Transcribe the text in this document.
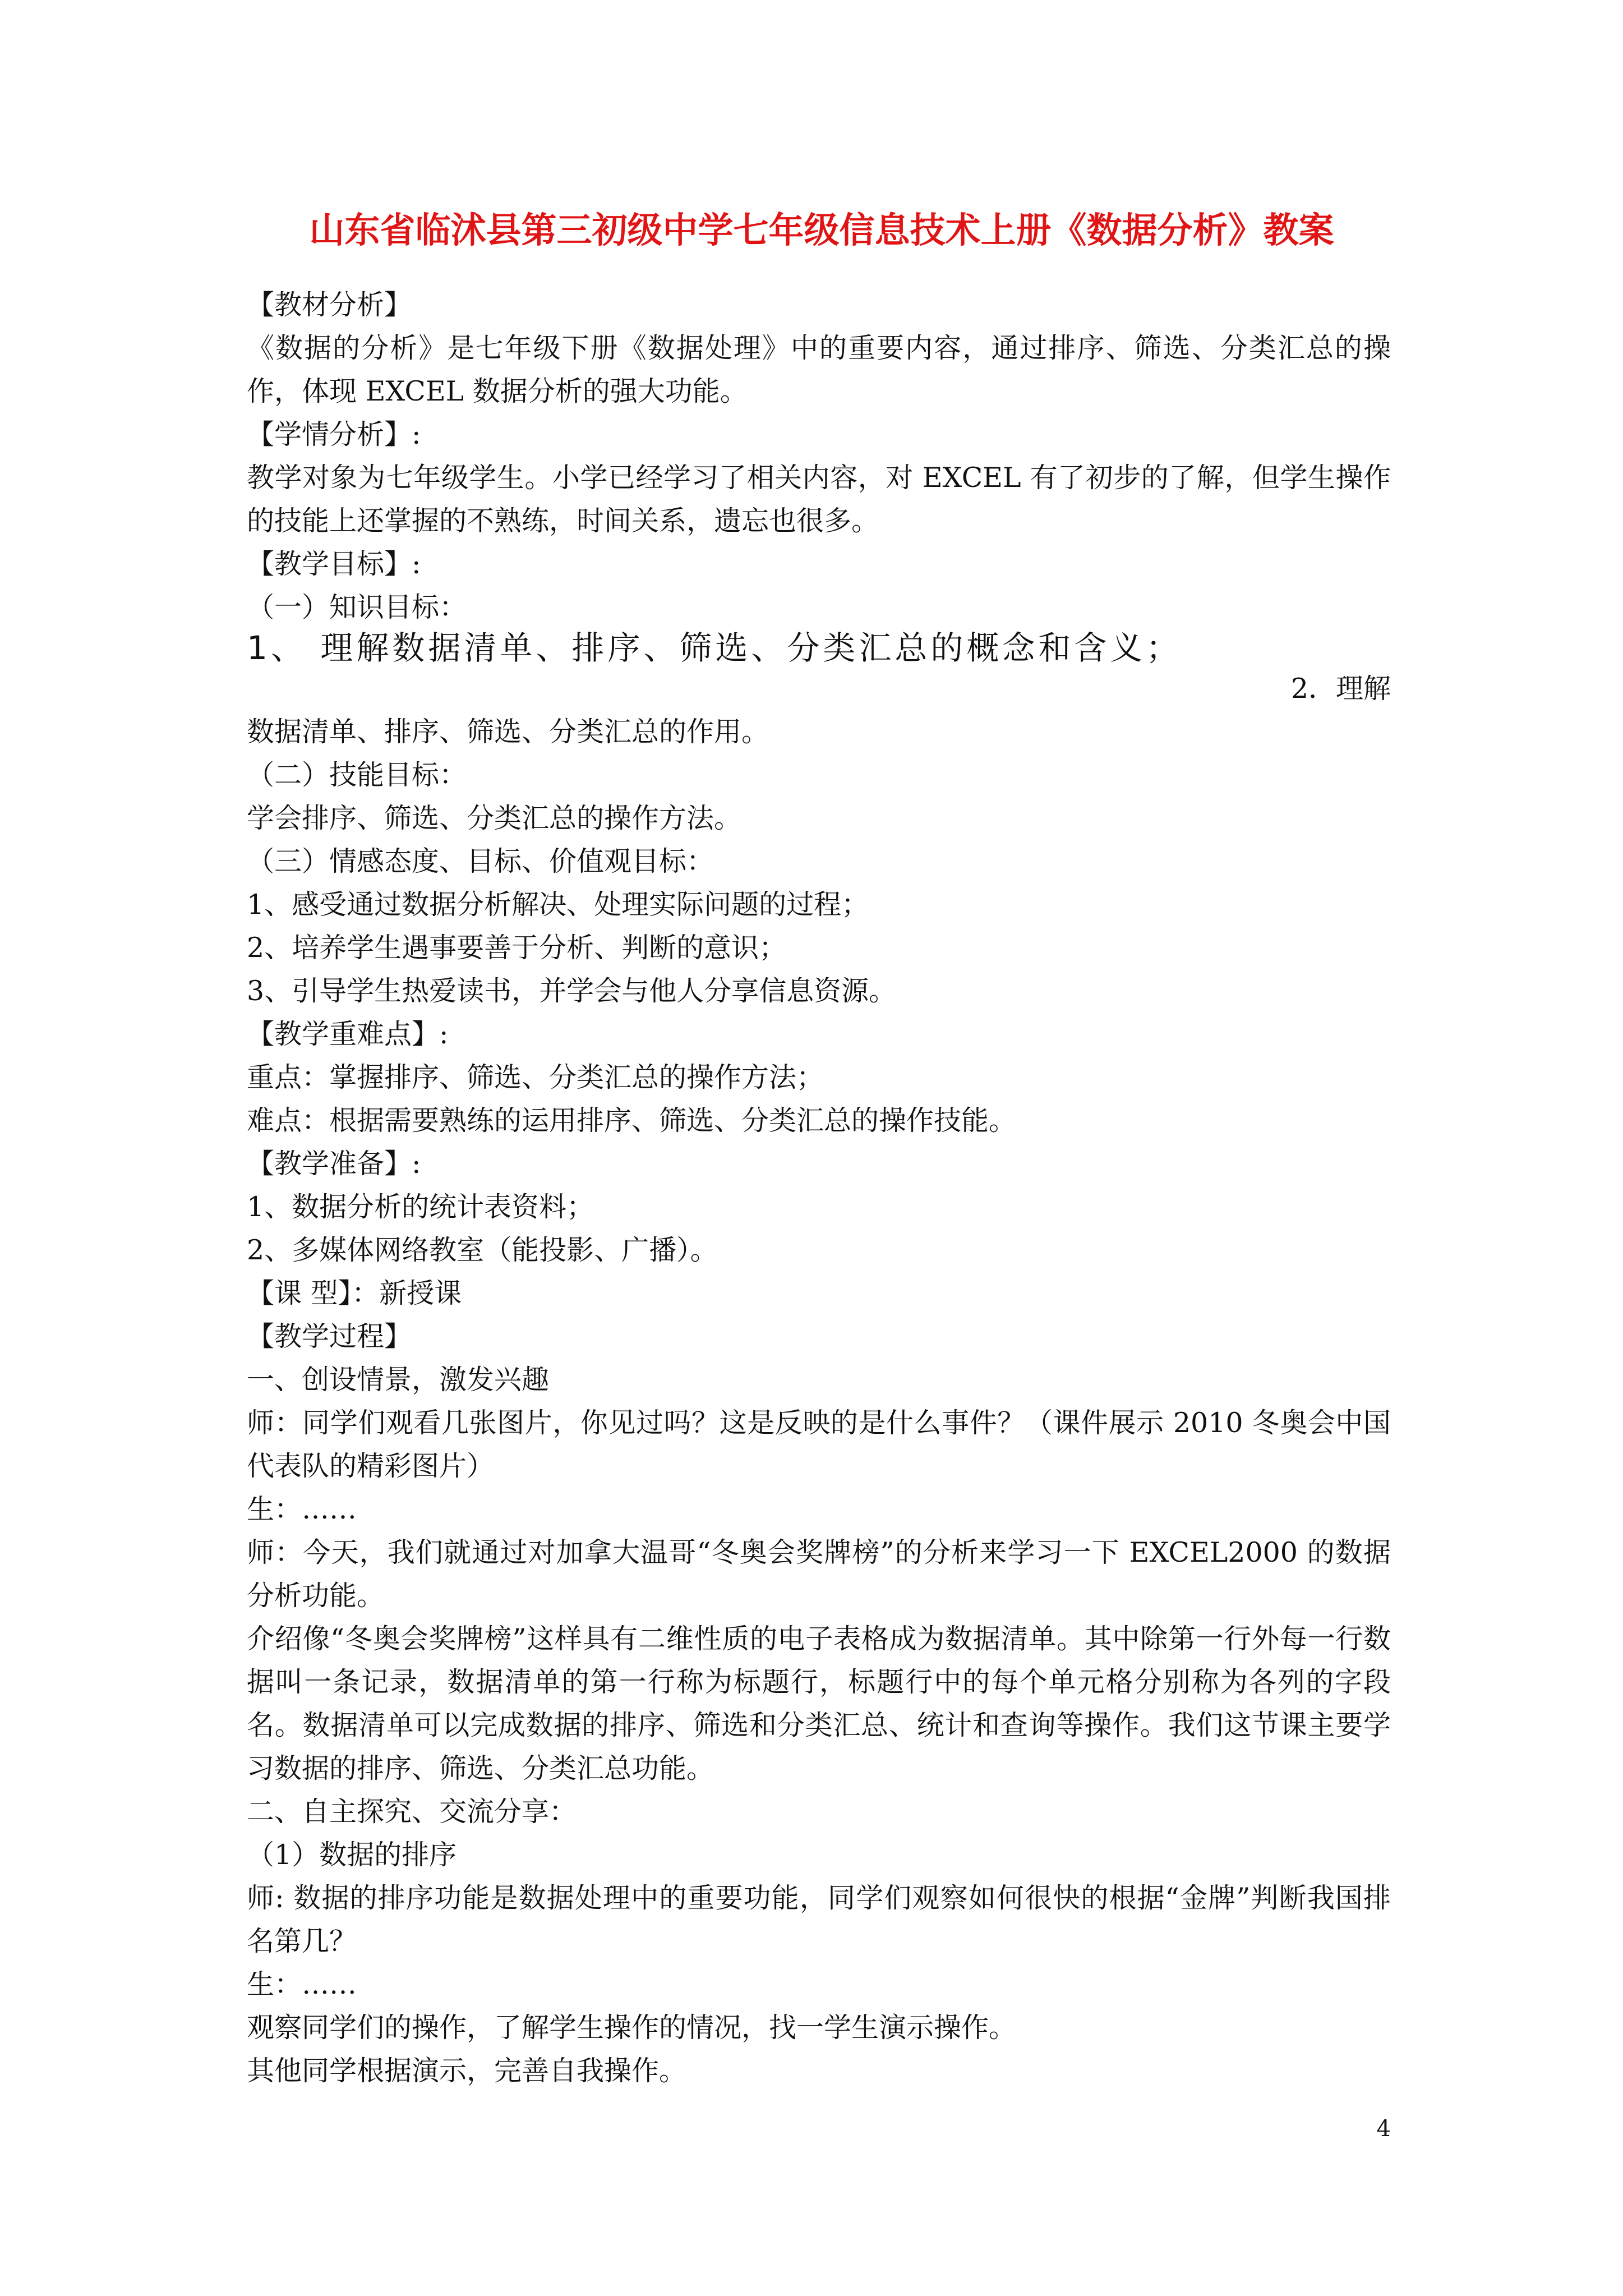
山东省临沭县第三初级中学七年级信息技术上册《数据分析》教案

【教材分析】

《数据的分析》是七年级下册《数据处理》中的重要内容，通过排序、筛选、分类汇总的操作，体现 EXCEL 数据分析的强大功能。

【学情分析】:

教学对象为七年级学生。小学已经学习了相关内容，对 EXCEL 有了初步的了解，但学生操作的技能上还掌握的不熟练，时间关系，遗忘也很多。

【教学目标】:

（一）知识目标：

1、 理解数据清单、排序、筛选、分类汇总的概念和含义；

2．理解

数据清单、排序、筛选、分类汇总的作用。

（二）技能目标：

学会排序、筛选、分类汇总的操作方法。

（三）情感态度、目标、价值观目标：

1、感受通过数据分析解决、处理实际问题的过程；

2、培养学生遇事要善于分析、判断的意识；

3、引导学生热爱读书，并学会与他人分享信息资源。

【教学重难点】:

重点：掌握排序、筛选、分类汇总的操作方法；

难点：根据需要熟练的运用排序、筛选、分类汇总的操作技能。

【教学准备】:

1、数据分析的统计表资料；

2、多媒体网络教室（能投影、广播）。

【课 型】：新授课

【教学过程】

一、创设情景，激发兴趣

师：同学们观看几张图片，你见过吗？这是反映的是什么事件？（课件展示 2010 冬奥会中国代表队的精彩图片）

生：……

师：今天，我们就通过对加拿大温哥“冬奥会奖牌榜”的分析来学习一下 EXCEL2000 的数据分析功能。

介绍像“冬奥会奖牌榜”这样具有二维性质的电子表格成为数据清单。其中除第一行外每一行数据叫一条记录，数据清单的第一行称为标题行，标题行中的每个单元格分别称为各列的字段名。数据清单可以完成数据的排序、筛选和分类汇总、统计和查询等操作。我们这节课主要学习数据的排序、筛选、分类汇总功能。

二、自主探究、交流分享：

（1）数据的排序

师: 数据的排序功能是数据处理中的重要功能，同学们观察如何很快的根据“金牌”判断我国排名第几？

生：……

观察同学们的操作，了解学生操作的情况，找一学生演示操作。

其他同学根据演示，完善自我操作。

4
